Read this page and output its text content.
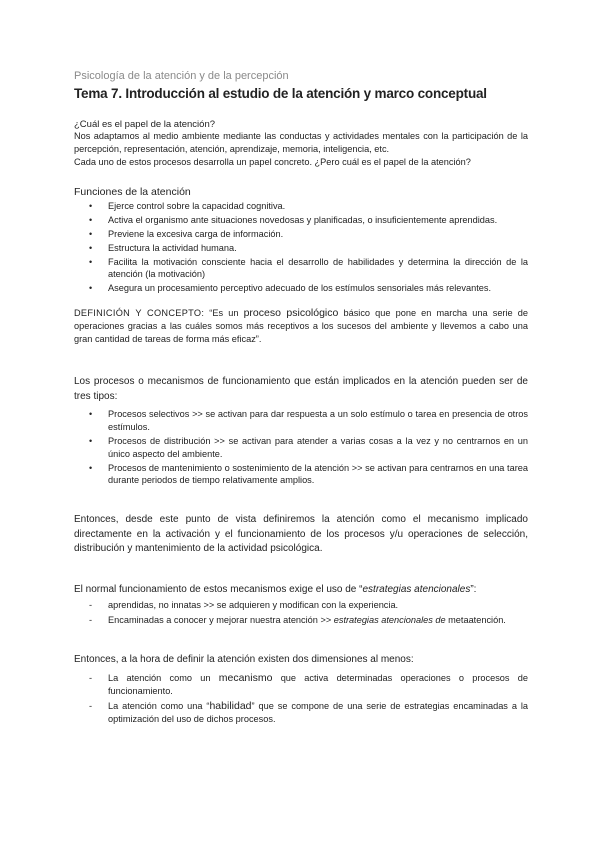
Psicología de la atención y de la percepción
Tema 7. Introducción al estudio de la atención y marco conceptual
¿Cuál es el papel de la atención?

Nos adaptamos al medio ambiente mediante las conductas y actividades mentales con la participación de la percepción, representación, atención, aprendizaje, memoria, inteligencia, etc.

Cada uno de estos procesos desarrolla un papel concreto. ¿Pero cuál es el papel de la atención?

Funciones de la atención
• Ejerce control sobre la capacidad cognitiva.
• Activa el organismo ante situaciones novedosas y planificadas, o insuficientemente aprendidas.
• Previene la excesiva carga de información.
• Estructura la actividad humana.
• Facilita la motivación consciente hacia el desarrollo de habilidades y determina la dirección de la atención (la motivación)
• Asegura un procesamiento perceptivo adecuado de los estímulos sensoriales más relevantes.

DEFINICIÓN Y CONCEPTO: “Es un proceso psicológico básico que pone en marcha una serie de operaciones gracias a las cuáles somos más receptivos a los sucesos del ambiente y llevemos a cabo una gran cantidad de tareas de forma más eficaz”.

Los procesos o mecanismos de funcionamiento que están implicados en la atención pueden ser de tres tipos:

• Procesos selectivos >> se activan para dar respuesta a un solo estímulo o tarea en presencia de otros estímulos.
• Procesos de distribución >> se activan para atender a varias cosas a la vez y no centrarnos en un único aspecto del ambiente.
• Procesos de mantenimiento o sostenimiento de la atención >> se activan para centrarnos en una tarea durante periodos de tiempo relativamente amplios.

Entonces, desde este punto de vista definiremos la atención como el mecanismo implicado directamente en la activación y el funcionamiento de los procesos y/u operaciones de selección, distribución y mantenimiento de la actividad psicológica.

El normal funcionamiento de estos mecanismos exige el uso de “estrategias atencionales”:

- aprendidas, no innatas >> se adquieren y modifican con la experiencia.
- Encaminadas a conocer y mejorar nuestra atención >> estrategias atencionales de metaatención.

Entonces, a la hora de definir la atención existen dos dimensiones al menos:

- La atención como un mecanismo que activa determinadas operaciones o procesos de funcionamiento.
- La atención como una “habilidad” que se compone de una serie de estrategias encaminadas a la optimización del uso de dichos procesos.
